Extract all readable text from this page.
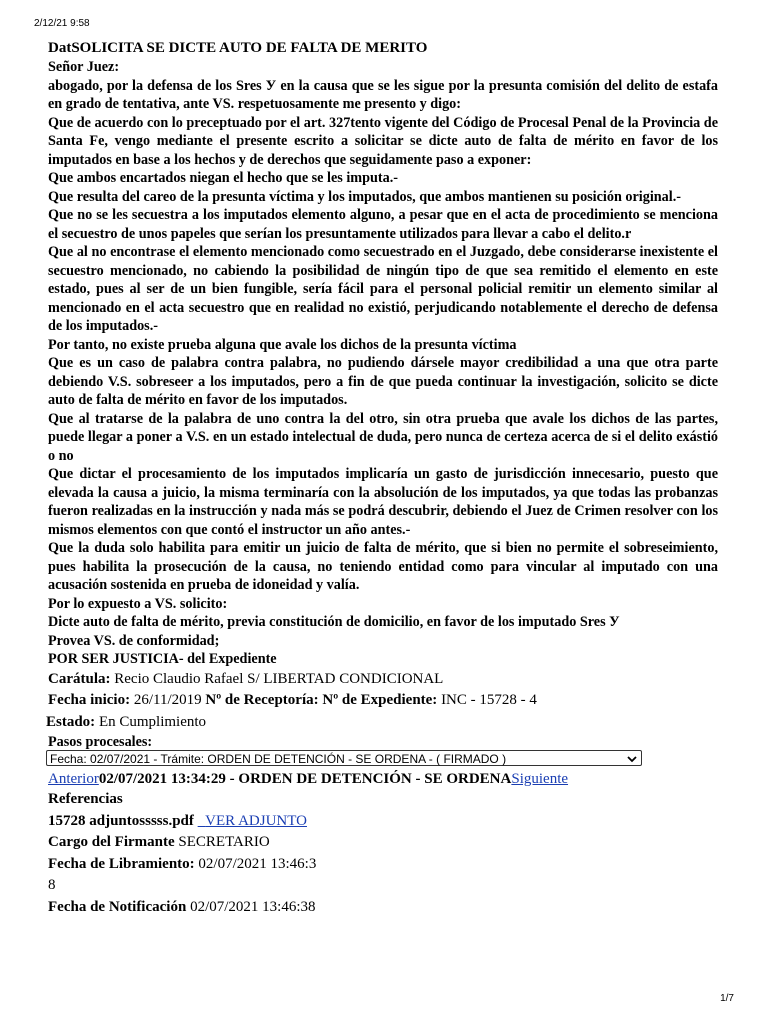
2/12/21 9:58

DatSOLICITA SE DICTE AUTO DE FALTA DE MERITO

Señor Juez:

abogado, por la defensa de los Sres У en la causa que se les sigue por la presunta comisión del delito de estafa en grado de tentativa, ante VS. respetuosamente me presento y digo:

Que de acuerdo con lo preceptuado por el art. 327tento vigente del Código de Procesal Penal de la Provincia de Santa Fe, vengo mediante el presente escrito a solicitar se dicte auto de falta de mérito en favor de los imputados en base a los hechos y de derechos que seguidamente paso a exponer:

Que ambos encartados niegan el hecho que se les imputa.-

Que resulta del careo de la presunta víctima y los imputados, que ambos mantienen su posición original.-

Que no se les secuestra a los imputados elemento alguno, a pesar que en el acta de procedimiento se menciona el secuestro de unos papeles que serían los presuntamente utilizados para llevar a cabo el delito.r

Que al no encontrase el elemento mencionado como secuestrado en el Juzgado, debe considerarse inexistente el secuestro mencionado, no cabiendo la posibilidad de ningún tipo de que sea remitido el elemento en este estado, pues al ser de un bien fungible, sería fácil para el personal policial remitir un elemento similar al mencionado en el acta secuestro que en realidad no existió, perjudicando notablemente el derecho de defensa de los imputados.-

Por tanto, no existe prueba alguna que avale los dichos de la presunta víctima

Que es un caso de palabra contra palabra, no pudiendo dársele mayor credibilidad a una que otra parte debiendo V.S. sobreseer a los imputados, pero a fin de que pueda continuar la investigación, solicito se dicte auto de falta de mérito en favor de los imputados.

Que al tratarse de la palabra de uno contra la del otro, sin otra prueba que avale los dichos de las partes, puede llegar a poner a V.S. en un estado intelectual de duda, pero nunca de certeza acerca de si el delito exástió o no

Que dictar el procesamiento de los imputados implicaría un gasto de jurisdicción innecesario, puesto que elevada la causa a juicio, la misma terminaría con la absolución de los imputados, ya que todas las probanzas fueron realizadas en la instrucción y nada más se podrá descubrir, debiendo el Juez de Crimen resolver con los mismos elementos con que contó el instructor un año antes.-

Que la duda solo habilita para emitir un juicio de falta de mérito, que si bien no permite el sobreseimiento, pues habilita la prosecución de la causa, no teniendo entidad como para vincular al imputado con una acusación sostenida en prueba de idoneidad y valía.

Por lo expuesto a VS. solicito:

Dicte auto de falta de mérito, previa constitución de domicilio, en favor de los imputado Sres У

Provea VS. de conformidad;

POR SER JUSTICIA- del Expediente

Carátula: Recio Claudio Rafael S/ LIBERTAD CONDICIONAL

Fecha inicio: 26/11/2019 Nº de Receptoría: Nº de Expediente: INC - 15728 - 4

Estado: En Cumplimiento

Pasos procesales:
Fecha: 02/07/2021 - Trámite: ORDEN DE DETENCIÓN - SE ORDENA - ( FIRMADO )
Anterior02/07/2021 13:34:29 - ORDEN DE DETENCIÓN - SE ORDENASiguiente

Referencias

15728 adjuntosssss.pdf VER ADJUNTO

Cargo del Firmante SECRETARIO

Fecha de Libramiento: 02/07/2021 13:46:3

8

Fecha de Notificación 02/07/2021 13:46:38

1/7
